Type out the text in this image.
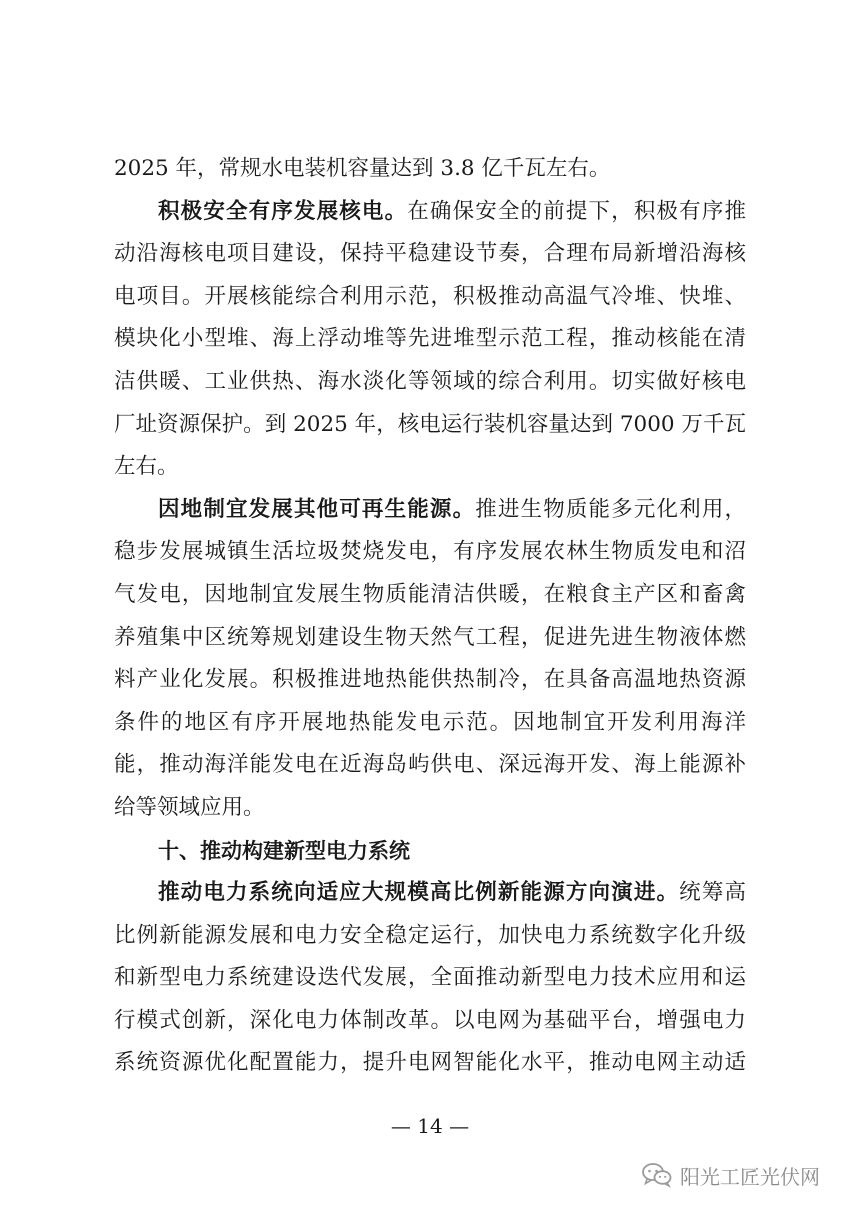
2025 年，常规水电装机容量达到 3.8 亿千瓦左右。
积极安全有序发展核电。在确保安全的前提下，积极有序推
动沿海核电项目建设，保持平稳建设节奏，合理布局新增沿海核
电项目。开展核能综合利用示范，积极推动高温气冷堆、快堆、
模块化小型堆、海上浮动堆等先进堆型示范工程，推动核能在清
洁供暖、工业供热、海水淡化等领域的综合利用。切实做好核电
厂址资源保护。到 2025 年，核电运行装机容量达到 7000 万千瓦
左右。
因地制宜发展其他可再生能源。推进生物质能多元化利用，
稳步发展城镇生活垃圾焚烧发电，有序发展农林生物质发电和沼
气发电，因地制宜发展生物质能清洁供暖，在粮食主产区和畜禽
养殖集中区统筹规划建设生物天然气工程，促进先进生物液体燃
料产业化发展。积极推进地热能供热制冷，在具备高温地热资源
条件的地区有序开展地热能发电示范。因地制宜开发利用海洋
能，推动海洋能发电在近海岛屿供电、深远海开发、海上能源补
给等领域应用。
十、推动构建新型电力系统
推动电力系统向适应大规模高比例新能源方向演进。统筹高
比例新能源发展和电力安全稳定运行，加快电力系统数字化升级
和新型电力系统建设迭代发展，全面推动新型电力技术应用和运
行模式创新，深化电力体制改革。以电网为基础平台，增强电力
系统资源优化配置能力，提升电网智能化水平，推动电网主动适
— 14 —
阳光工匠光伏网
